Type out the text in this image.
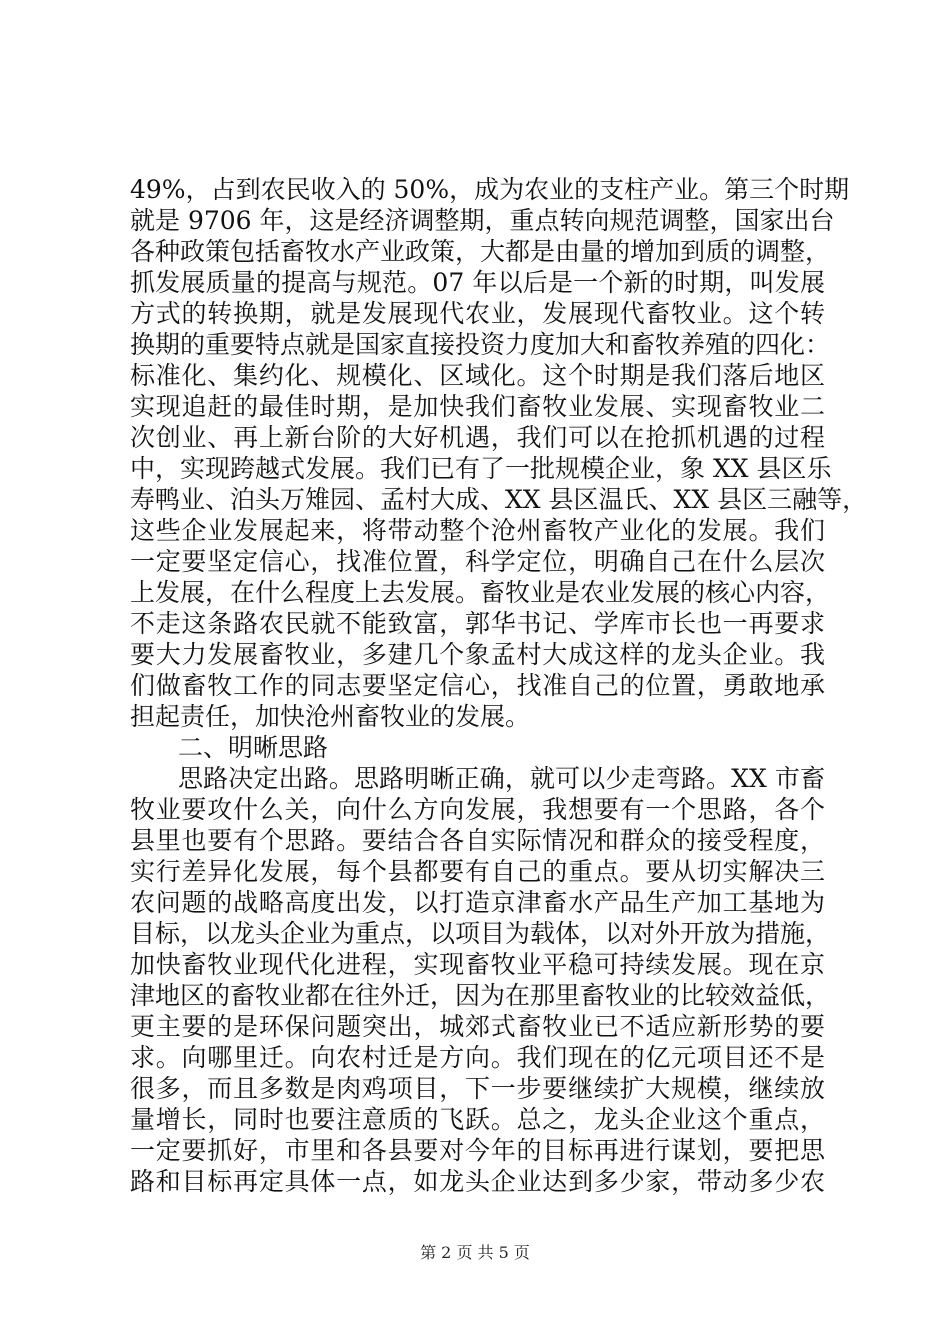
49%，占到农民收入的 50%，成为农业的支柱产业。第三个时期
就是 9706 年，这是经济调整期，重点转向规范调整，国家出台
各种政策包括畜牧水产业政策，大都是由量的增加到质的调整，
抓发展质量的提高与规范。07 年以后是一个新的时期，叫发展
方式的转换期，就是发展现代农业，发展现代畜牧业。这个转
换期的重要特点就是国家直接投资力度加大和畜牧养殖的四化：
标准化、集约化、规模化、区域化。这个时期是我们落后地区
实现追赶的最佳时期，是加快我们畜牧业发展、实现畜牧业二
次创业、再上新台阶的大好机遇，我们可以在抢抓机遇的过程
中，实现跨越式发展。我们已有了一批规模企业，象 XX 县区乐
寿鸭业、泊头万雉园、孟村大成、XX 县区温氏、XX 县区三融等，
这些企业发展起来，将带动整个沧州畜牧产业化的发展。我们
一定要坚定信心，找准位置，科学定位，明确自己在什么层次
上发展，在什么程度上去发展。畜牧业是农业发展的核心内容，
不走这条路农民就不能致富，郭华书记、学库市长也一再要求
要大力发展畜牧业，多建几个象孟村大成这样的龙头企业。我
们做畜牧工作的同志要坚定信心，找准自己的位置，勇敢地承
担起责任，加快沧州畜牧业的发展。
二、明晰思路
思路决定出路。思路明晰正确，就可以少走弯路。XX 市畜
牧业要攻什么关，向什么方向发展，我想要有一个思路，各个
县里也要有个思路。要结合各自实际情况和群众的接受程度，
实行差异化发展，每个县都要有自己的重点。要从切实解决三
农问题的战略高度出发，以打造京津畜水产品生产加工基地为
目标，以龙头企业为重点，以项目为载体，以对外开放为措施，
加快畜牧业现代化进程，实现畜牧业平稳可持续发展。现在京
津地区的畜牧业都在往外迁，因为在那里畜牧业的比较效益低，
更主要的是环保问题突出，城郊式畜牧业已不适应新形势的要
求。向哪里迁。向农村迁是方向。我们现在的亿元项目还不是
很多，而且多数是肉鸡项目，下一步要继续扩大规模，继续放
量增长，同时也要注意质的飞跃。总之，龙头企业这个重点，
一定要抓好，市里和各县要对今年的目标再进行谋划，要把思
路和目标再定具体一点，如龙头企业达到多少家，带动多少农
第 2 页 共 5 页
